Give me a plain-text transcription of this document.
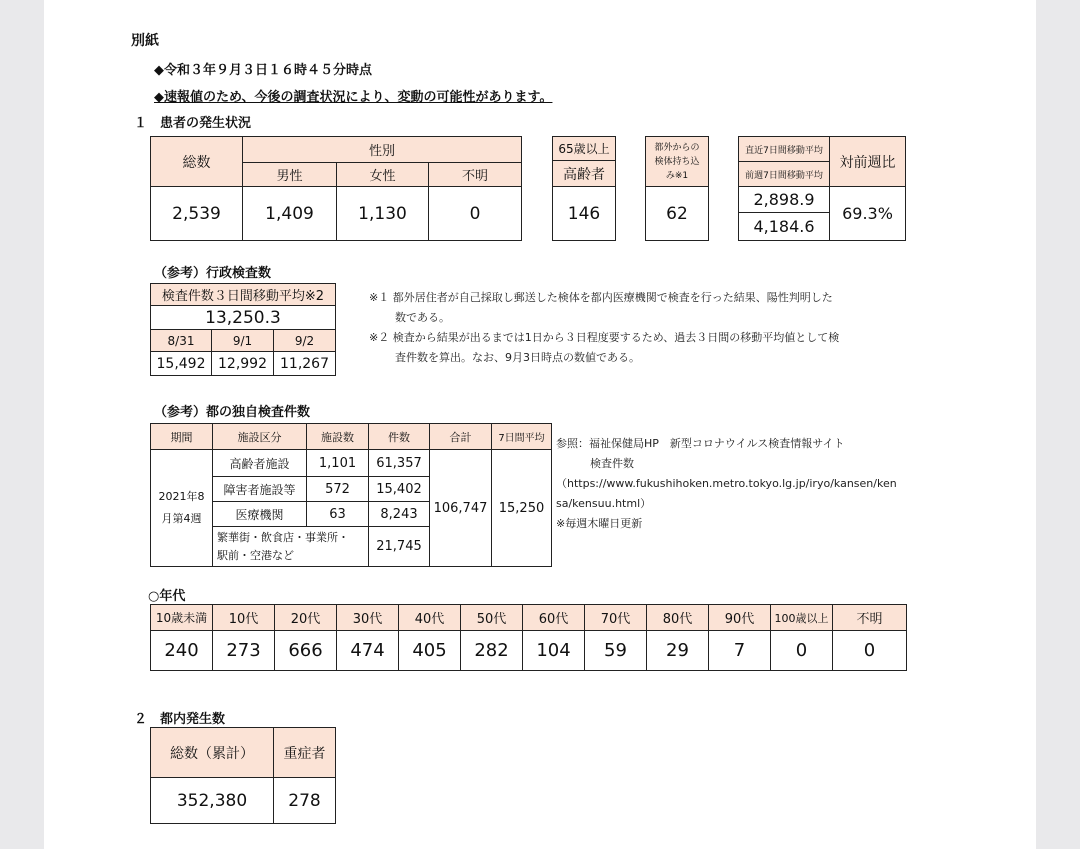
別紙
◆令和３年９月３日１６時４５分時点
◆速報値のため、今後の調査状況により、変動の可能性があります。
１　患者の発生状況
総数	性別		
	男性	女性	不明
2,539	1,409	1,130	0
65歳以上
高齢者
146
都外からの
検体持ち込
み※1

62
直近7日間移動平均	対前週比
前週7日間移動平均	
2,898.9	69.3%
4,184.6	
（参考）行政検査数
検査件数３日間移動平均※2		
13,250.3		
8/31	9/1	9/2
15,492	12,992	11,267
※１ 都外居住者が自己採取し郵送した検体を都内医療機関で検査を行った結果、陽性判明した
数である。
※２ 検査から結果が出るまでは1日から３日程度要するため、過去３日間の移動平均値として検
査件数を算出。なお、9月3日時点の数値である。
（参考）都の独自検査件数
期間	施設区分	施設数	件数	合計	7日間平均

2021年8
月第4週	高齢者施設	1,101	61,357	106,747	15,250
	障害者施設等	572	15,402		
	医療機関	63	8,243		

	繁華街・飲食店・事業所・
駅前・空港など		21,745		
参照：福祉保健局HP　新型コロナウイルス検査情報サイト
検査件数
（https://www.fukushihoken.metro.tokyo.lg.jp/iryo/kansen/ken
sa/kensuu.html）
※毎週木曜日更新
○年代
10歳未満	10代	20代	30代	40代	50代	60代	70代	80代	90代	100歳以上	不明
240	273	666	474	405	282	104	59	29	7	0	0
２　都内発生数
総数（累計）	重症者
352,380	278
